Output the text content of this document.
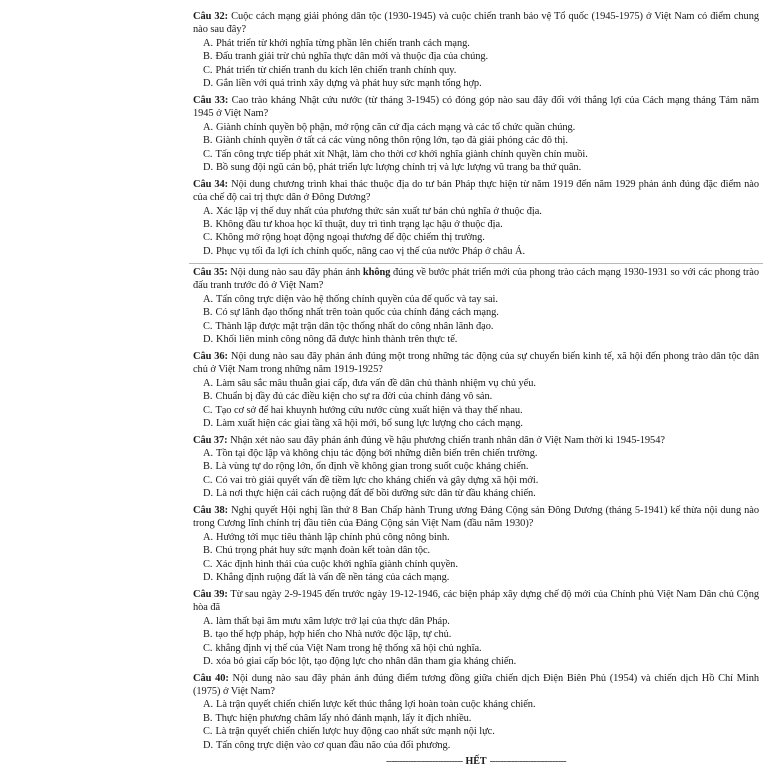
Câu 32: Cuộc cách mạng giải phóng dân tộc (1930-1945) và cuộc chiến tranh bảo vệ Tổ quốc (1945-1975) ở Việt Nam có điểm chung nào sau đây?
A. Phát triển từ khởi nghĩa từng phần lên chiến tranh cách mạng.
B. Đấu tranh giải trừ chủ nghĩa thực dân mới và thuộc địa của chúng.
C. Phát triển từ chiến tranh du kích lên chiến tranh chính quy.
D. Gắn liền với quá trình xây dựng và phát huy sức mạnh tổng hợp.
Câu 33: Cao trào kháng Nhật cứu nước (từ tháng 3-1945) có đóng góp nào sau đây đối với thắng lợi của Cách mạng tháng Tám năm 1945 ở Việt Nam?
A. Giành chính quyền bộ phận, mở rộng căn cứ địa cách mạng và các tổ chức quần chúng.
B. Giành chính quyền ở tất cả các vùng nông thôn rộng lớn, tạo đà giải phóng các đô thị.
C. Tấn công trực tiếp phát xít Nhật, làm cho thời cơ khởi nghĩa giành chính quyền chín muồi.
D. Bồ sung đội ngũ cán bộ, phát triển lực lượng chính trị và lực lượng vũ trang ba thứ quân.
Câu 34: Nội dung chương trình khai thác thuộc địa do tư bản Pháp thực hiện từ năm 1919 đến năm 1929 phản ánh đúng đặc điểm nào của chế độ cai trị thực dân ở Đông Dương?
A. Xác lập vị thế duy nhất của phương thức sản xuất tư bản chủ nghĩa ở thuộc địa.
B. Không đầu tư khoa học kĩ thuật, duy trì tình trạng lạc hậu ở thuộc địa.
C. Không mở rộng hoạt động ngoại thương để độc chiếm thị trường.
D. Phục vụ tối đa lợi ích chính quốc, nâng cao vị thế của nước Pháp ở châu Á.
Câu 35: Nội dung nào sau đây phản ánh không đúng về bước phát triển mới của phong trào cách mạng 1930-1931 so với các phong trào đấu tranh trước đó ở Việt Nam?
A. Tấn công trực diện vào hệ thống chính quyền của đế quốc và tay sai.
B. Có sự lãnh đạo thống nhất trên toàn quốc của chính đảng cách mạng.
C. Thành lập được mặt trận dân tộc thống nhất do công nhân lãnh đạo.
D. Khối liên minh công nông đã được hình thành trên thực tế.
Câu 36: Nội dung nào sau đây phản ánh đúng một trong những tác động của sự chuyển biến kinh tế, xã hội đến phong trào dân tộc dân chủ ở Việt Nam trong những năm 1919-1925?
A. Làm sâu sắc mâu thuẫn giai cấp, đưa vấn đề dân chủ thành nhiệm vụ chủ yếu.
B. Chuẩn bị đầy đủ các điều kiện cho sự ra đời của chính đảng vô sản.
C. Tạo cơ sở để hai khuynh hướng cứu nước cùng xuất hiện và thay thế nhau.
D. Làm xuất hiện các giai tầng xã hội mới, bổ sung lực lượng cho cách mạng.
Câu 37: Nhận xét nào sau đây phản ánh đúng về hậu phương chiến tranh nhân dân ở Việt Nam thời kì 1945-1954?
A. Tồn tại độc lập và không chịu tác động bởi những diễn biến trên chiến trường.
B. Là vùng tự do rộng lớn, ổn định về không gian trong suốt cuộc kháng chiến.
C. Có vai trò giải quyết vấn đề tiềm lực cho kháng chiến và gây dựng xã hội mới.
D. Là nơi thực hiện cải cách ruộng đất để bồi dưỡng sức dân từ đầu kháng chiến.
Câu 38: Nghị quyết Hội nghị lần thứ 8 Ban Chấp hành Trung ương Đảng Cộng sản Đông Dương (tháng 5-1941) kế thừa nội dung nào trong Cương lĩnh chính trị đầu tiên của Đảng Cộng sản Việt Nam (đầu năm 1930)?
A. Hướng tới mục tiêu thành lập chính phủ công nông binh.
B. Chú trọng phát huy sức mạnh đoàn kết toàn dân tộc.
C. Xác định hình thái của cuộc khởi nghĩa giành chính quyền.
D. Khẳng định ruộng đất là vấn đề nền tảng của cách mạng.
Câu 39: Từ sau ngày 2-9-1945 đến trước ngày 19-12-1946, các biện pháp xây dựng chế độ mới của Chính phủ Việt Nam Dân chủ Cộng hòa đã
A. làm thất bại âm mưu xâm lược trở lại của thực dân Pháp.
B. tạo thế hợp pháp, hợp hiến cho Nhà nước độc lập, tự chủ.
C. khẳng định vị thế của Việt Nam trong hệ thống xã hội chủ nghĩa.
D. xóa bỏ giai cấp bóc lột, tạo động lực cho nhân dân tham gia kháng chiến.
Câu 40: Nội dung nào sau đây phản ánh đúng điểm tương đồng giữa chiến dịch Điện Biên Phủ (1954) và chiến dịch Hồ Chí Minh (1975) ở Việt Nam?
A. Là trận quyết chiến chiến lược kết thúc thắng lợi hoàn toàn cuộc kháng chiến.
B. Thực hiện phương châm lấy nhỏ đánh mạnh, lấy ít địch nhiều.
C. Là trận quyết chiến chiến lược huy động cao nhất sức mạnh nội lực.
D. Tấn công trực diện vào cơ quan đầu não của đối phương.
---------------------------- HẾT ----------------------------
